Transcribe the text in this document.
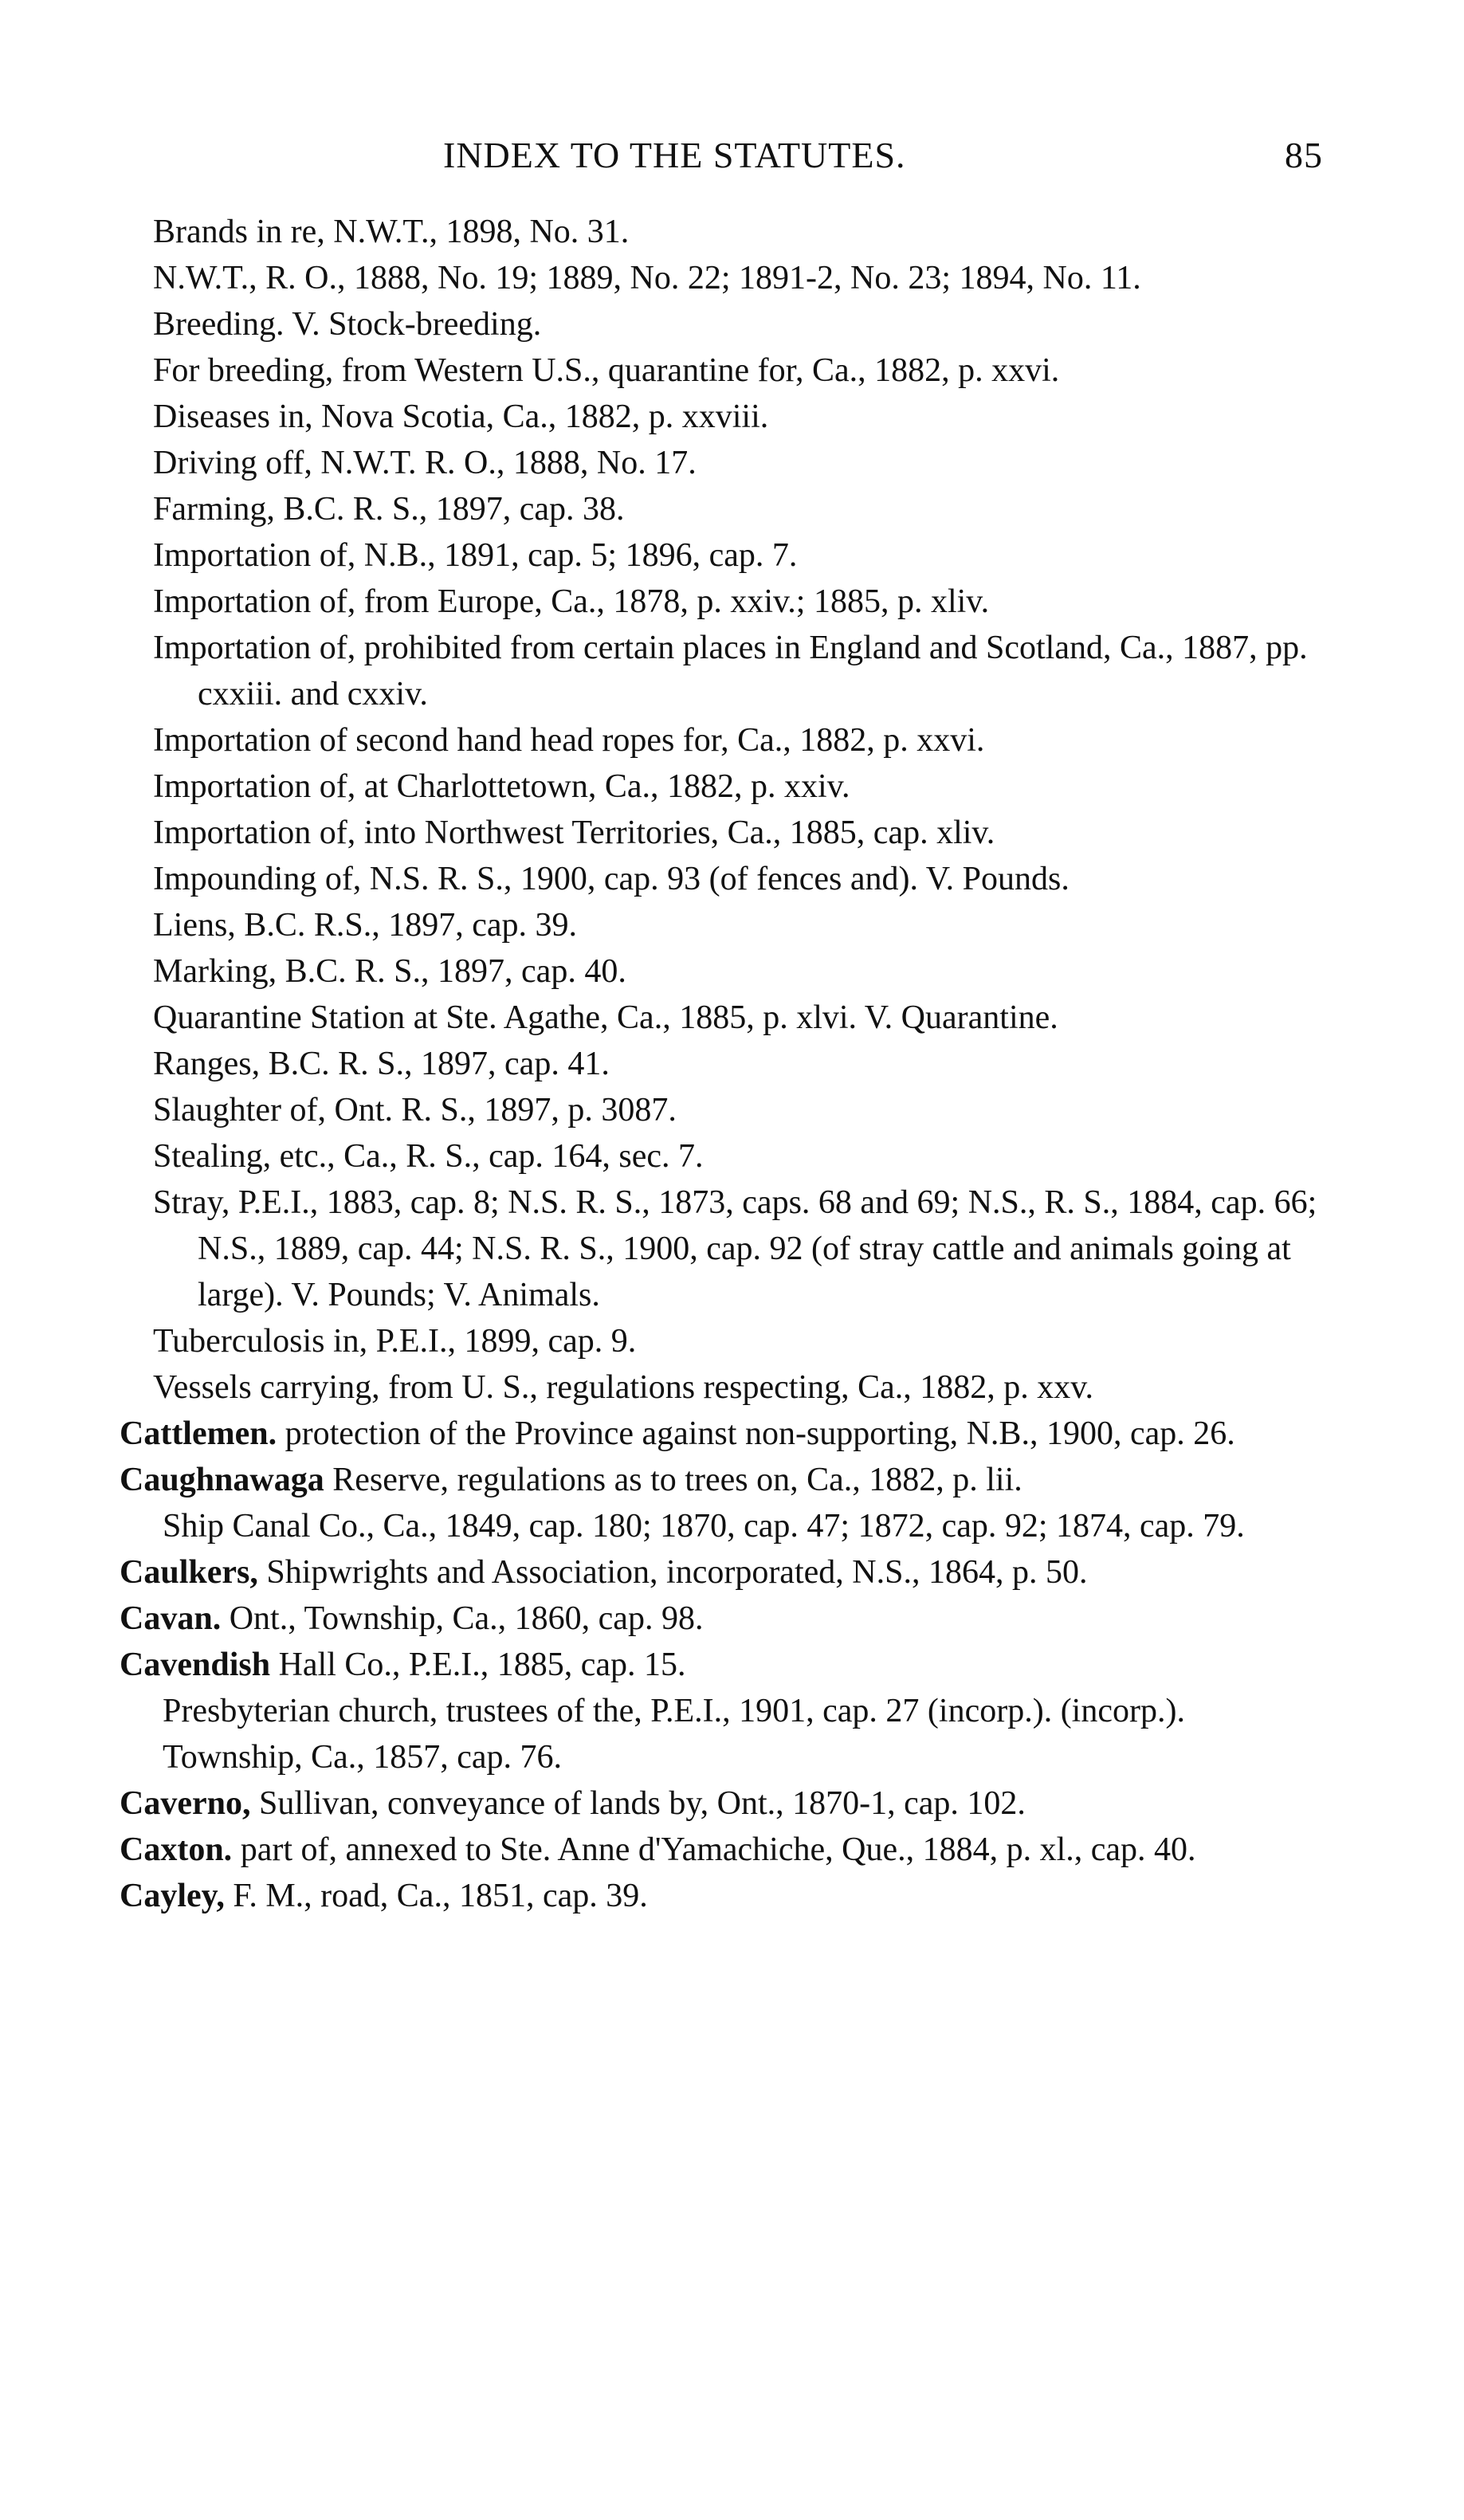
INDEX TO THE STATUTES.	85
Brands in re, N.W.T., 1898, No. 31.
N.W.T., R. O., 1888, No. 19; 1889, No. 22; 1891-2, No. 23; 1894, No. 11.
Breeding. V. Stock-breeding.
For breeding, from Western U.S., quarantine for, Ca., 1882, p. xxvi.
Diseases in, Nova Scotia, Ca., 1882, p. xxviii.
Driving off, N.W.T. R. O., 1888, No. 17.
Farming, B.C. R. S., 1897, cap. 38.
Importation of, N.B., 1891, cap. 5; 1896, cap. 7.
Importation of, from Europe, Ca., 1878, p. xxiv.; 1885, p. xliv.
Importation of, prohibited from certain places in England and Scotland, Ca., 1887, pp. cxxiii. and cxxiv.
Importation of second hand head ropes for, Ca., 1882, p. xxvi.
Importation of, at Charlottetown, Ca., 1882, p. xxiv.
Importation of, into Northwest Territories, Ca., 1885, cap. xliv.
Impounding of, N.S. R. S., 1900, cap. 93 (of fences and). V. Pounds.
Liens, B.C. R.S., 1897, cap. 39.
Marking, B.C. R. S., 1897, cap. 40.
Quarantine Station at Ste. Agathe, Ca., 1885, p. xlvi. V. Quarantine.
Ranges, B.C. R. S., 1897, cap. 41.
Slaughter of, Ont. R. S., 1897, p. 3087.
Stealing, etc., Ca., R. S., cap. 164, sec. 7.
Stray, P.E.I., 1883, cap. 8; N.S. R. S., 1873, caps. 68 and 69; N.S., R. S., 1884, cap. 66; N.S., 1889, cap. 44; N.S. R. S., 1900, cap. 92 (of stray cattle and animals going at large). V. Pounds; V. Animals.
Tuberculosis in, P.E.I., 1899, cap. 9.
Vessels carrying, from U. S., regulations respecting, Ca., 1882, p. xxv.
Cattlemen. protection of the Province against non-supporting, N.B., 1900, cap. 26.
Caughnawaga Reserve, regulations as to trees on, Ca., 1882, p. lii.
Ship Canal Co., Ca., 1849, cap. 180; 1870, cap. 47; 1872, cap. 92; 1874, cap. 79.
Caulkers, Shipwrights and Association, incorporated, N.S., 1864, p. 50.
Cavan. Ont., Township, Ca., 1860, cap. 98.
Cavendish Hall Co., P.E.I., 1885, cap. 15.
Presbyterian church, trustees of the, P.E.I., 1901, cap. 27 (incorp.). (incorp.).
Township, Ca., 1857, cap. 76.
Caverno, Sullivan, conveyance of lands by, Ont., 1870-1, cap. 102.
Caxton. part of, annexed to Ste. Anne d'Yamachiche, Que., 1884, p. xl., cap. 40.
Cayley, F. M., road, Ca., 1851, cap. 39.
